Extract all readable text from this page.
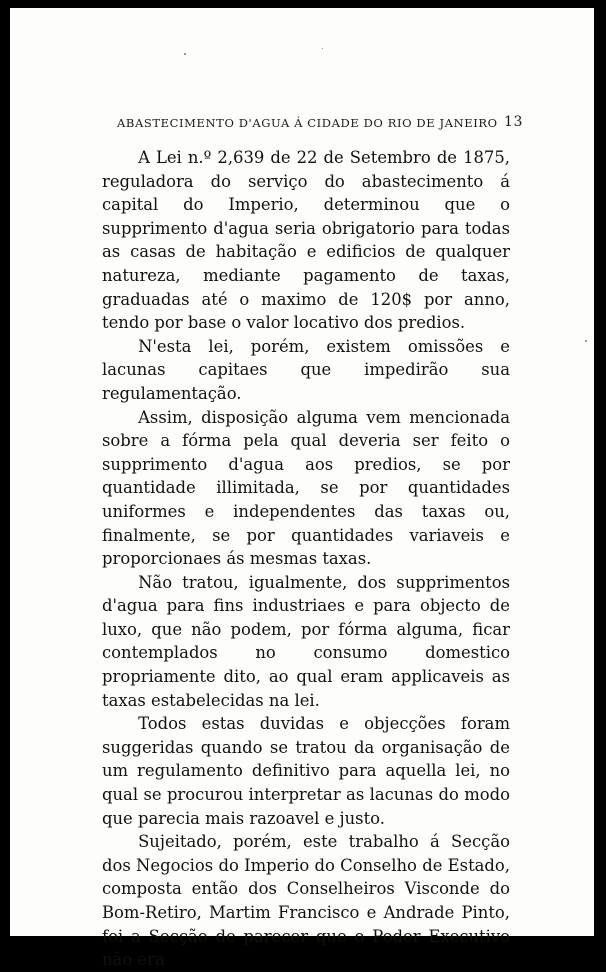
ABASTECIMENTO D'AGUA Á CIDADE DO RIO DE JANEIRO 13

A Lei n.º 2,639 de 22 de Setembro de 1875, reguladora do serviço do abastecimento á capital do Imperio, determinou que o supprimento d'agua seria obrigatorio para todas as casas de habitação e edificios de qualquer natureza, mediante pagamento de taxas, graduadas até o maximo de 120$ por anno, tendo por base o valor locativo dos predios.

N'esta lei, porém, existem omissões e lacunas capitaes que impedirão sua regulamentação.

Assim, disposição alguma vem mencionada sobre a fórma pela qual deveria ser feito o supprimento d'agua aos predios, se por quantidade illimitada, se por quantidades uniformes e independentes das taxas ou, finalmente, se por quantidades variaveis e proporcionaes ás mesmas taxas.

Não tratou, igualmente, dos supprimentos d'agua para fins industriaes e para objecto de luxo, que não podem, por fórma alguma, ficar contemplados no consumo domestico propriamente dito, ao qual eram applicaveis as taxas estabelecidas na lei.

Todos estas duvidas e objecções foram suggeridas quando se tratou da organisação de um regulamento definitivo para aquella lei, no qual se procurou interpretar as lacunas do modo que parecia mais razoavel e justo.

Sujeitado, porém, este trabalho á Secção dos Negocios do Imperio do Conselho de Estado, composta então dos Conselheiros Visconde do Bom-Retiro, Martim Francisco e Andrade Pinto, foi a Secção de parecer que o Poder Executivo não era
